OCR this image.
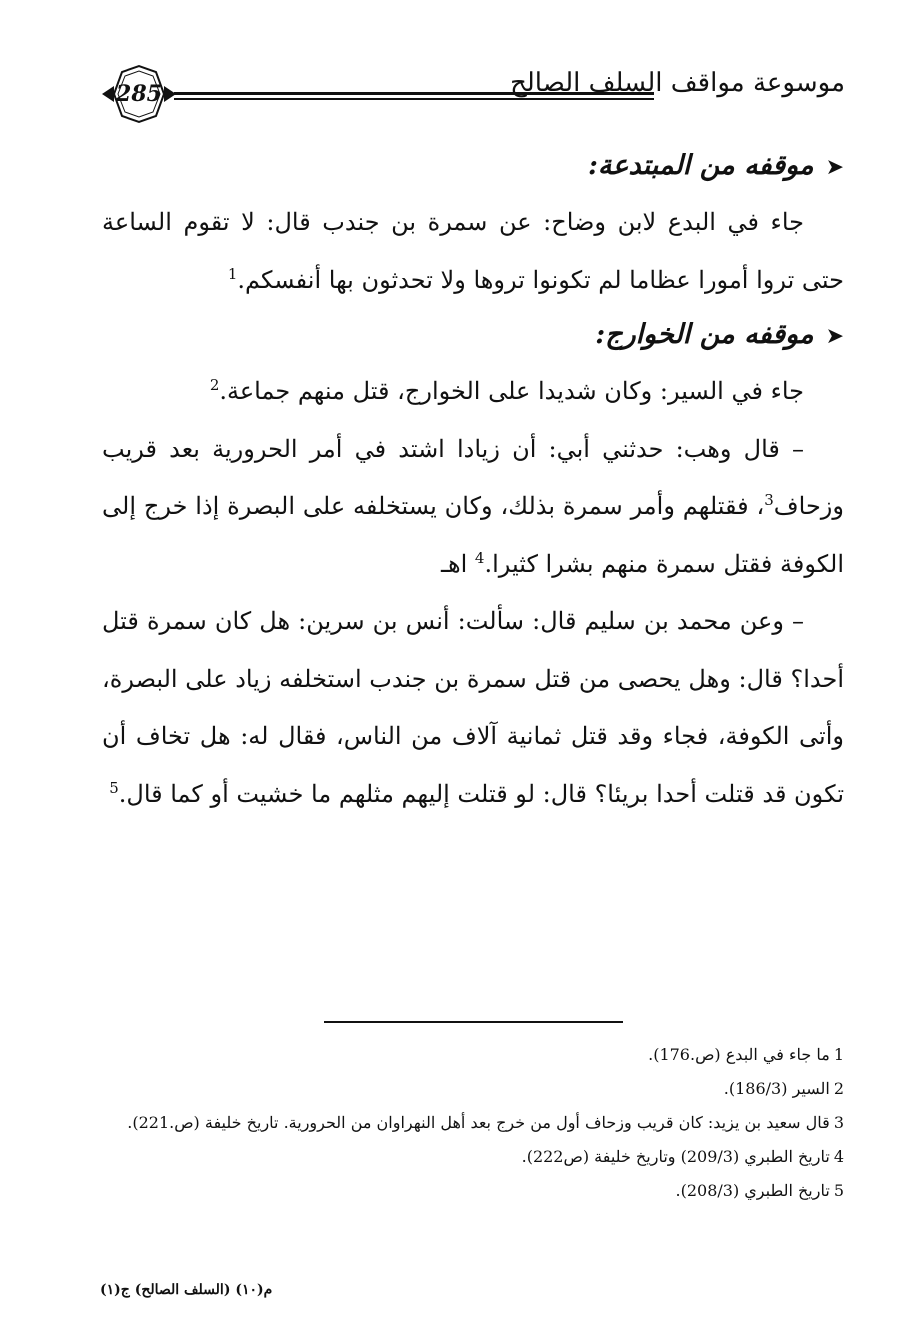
285	موسوعة مواقف السلف الصالح

➤موقفه من المبتدعة:

جاء في البدع لابن وضاح: عن سمرة بن جندب قال: لا تقوم الساعة حتى تروا أمورا عظاما لم تكونوا تروها ولا تحدثون بها أنفسكم.$^1$

➤موقفه من الخوارج:

جاء في السير: وكان شديدا على الخوارج، قتل منهم جماعة.$^2$

– قال وهب: حدثني أبي: أن زيادا اشتد في أمر الحرورية بعد قريب وزحاف$^3$، فقتلهم وأمر سمرة بذلك، وكان يستخلفه على البصرة إذا خرج إلى الكوفة فقتل سمرة منهم بشرا كثيرا.$^4$ اهـ

– وعن محمد بن سليم قال: سألت: أنس بن سرين: هل كان سمرة قتل أحدا؟ قال: وهل يحصى من قتل سمرة بن جندب استخلفه زياد على البصرة، وأتى الكوفة، فجاء وقد قتل ثمانية آلاف من الناس، فقال له: هل تخاف أن تكون قد قتلت أحدا بريئا؟ قال: لو قتلت إليهم مثلهم ما خشيت أو كما قال.$^5$

1ما جاء في البدع (ص.176).

2السير (186/3).

3قال سعيد بن يزيد: كان قريب وزحاف أول من خرج بعد أهل النهراوان من الحرورية. تاريخ خليفة (ص.221).

4تاريخ الطبري (209/3) وتاريخ خليفة (ص222).

5تاريخ الطبري (208/3).

م(١٠) (السلف الصالح) ج(١)
